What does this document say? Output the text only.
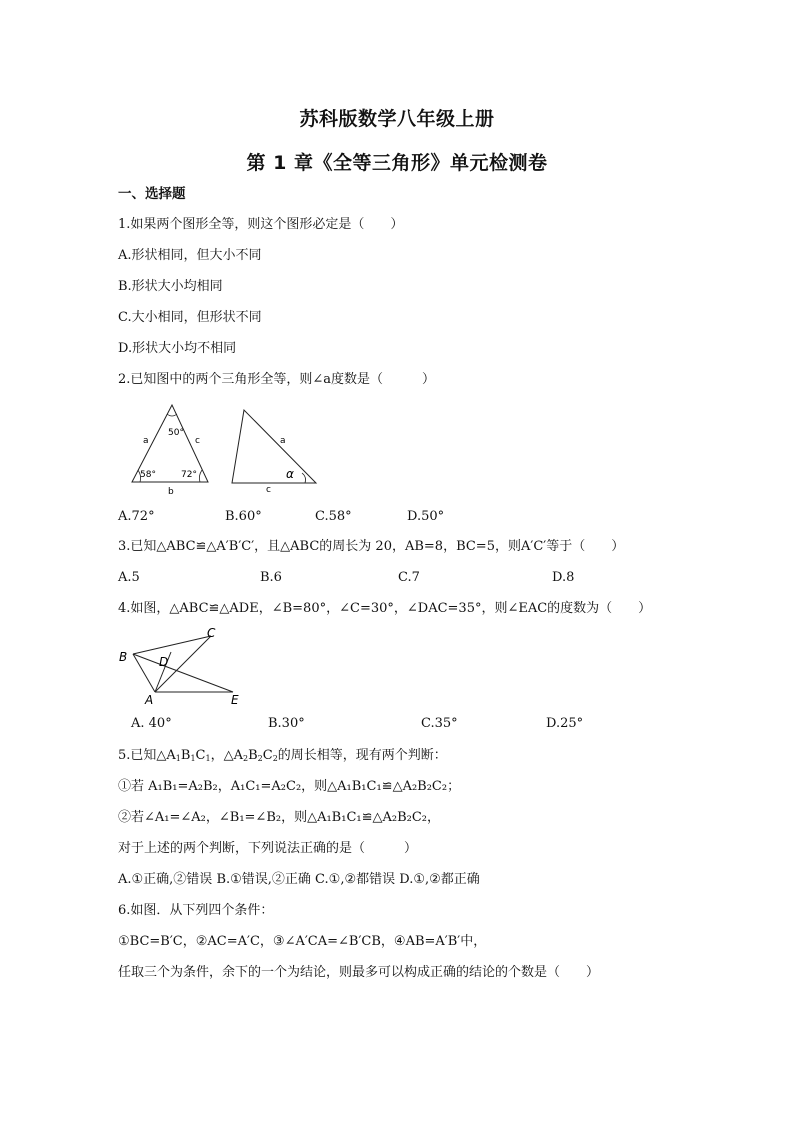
苏科版数学八年级上册
第 1 章《全等三角形》单元检测卷
一、选择题
1.如果两个图形全等，则这个图形必定是（　　）
A.形状相同，但大小不同
B.形状大小均相同
C.大小相同，但形状不同
D.形状大小均不相同
2.已知图中的两个三角形全等，则∠a度数是（　　　）
50°
58°	72°
a	c
b
a
c
α
A.72°	B.60°	C.58°	D.50°
3.已知△ABC≌△A′B′C′，且△ABC的周长为 20，AB=8，BC=5，则A′C′等于（　　）
A.5	B.6	C.7	D.8
4.如图，△ABC≌△ADE，∠B=80°，∠C=30°，∠DAC=35°，则∠EAC的度数为（　　）
B
C
D
A	E
A. 40°	B.30°	C.35°	D.25°
5.已知$\triangle A_1B_1C_1$，$\triangle A_2B_2C_2$的周长相等，现有两个判断：
①若 A₁B₁=A₂B₂，A₁C₁=A₂C₂，则△A₁B₁C₁≌△A₂B₂C₂；
②若∠A₁=∠A₂，∠B₁=∠B₂，则△A₁B₁C₁≌△A₂B₂C₂，
对于上述的两个判断，下列说法正确的是（　　　）
A.①正确,②错误 B.①错误,②正确 C.①,②都错误 D.①,②都正确
6.如图．从下列四个条件：
①BC=B′C，②AC=A′C，③∠A′CA=∠B′CB，④AB=A′B′中，
任取三个为条件，余下的一个为结论，则最多可以构成正确的结论的个数是（　　）
